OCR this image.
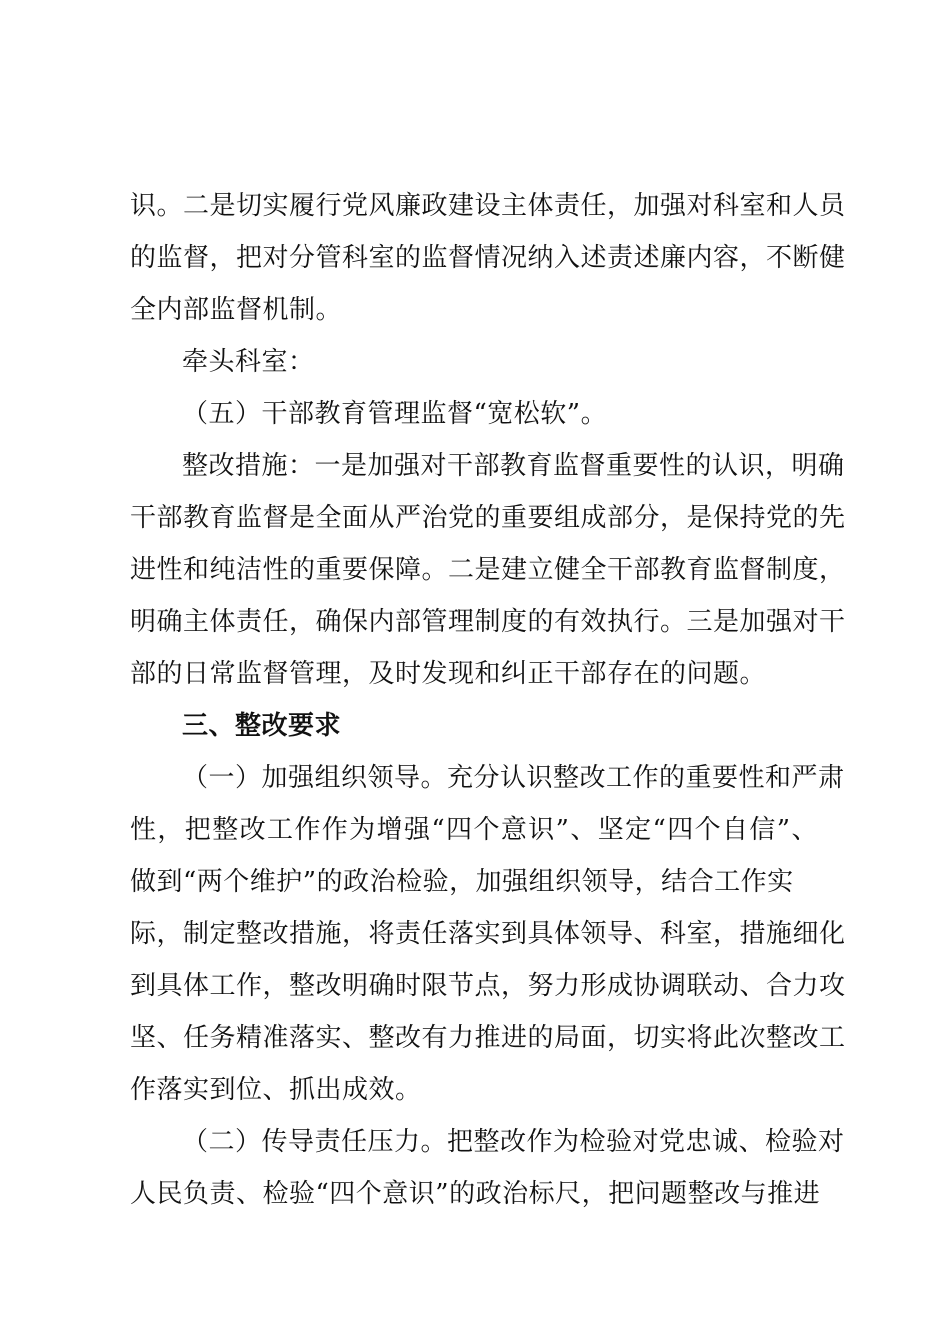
识。二是切实履行党风廉政建设主体责任，加强对科室和人员
的监督，把对分管科室的监督情况纳入述责述廉内容，不断健
全内部监督机制。
牵头科室：
（五）干部教育管理监督“宽松软”。
整改措施：一是加强对干部教育监督重要性的认识，明确
干部教育监督是全面从严治党的重要组成部分，是保持党的先
进性和纯洁性的重要保障。二是建立健全干部教育监督制度，
明确主体责任，确保内部管理制度的有效执行。三是加强对干
部的日常监督管理，及时发现和纠正干部存在的问题。
三、整改要求
（一）加强组织领导。充分认识整改工作的重要性和严肃
性，把整改工作作为增强“四个意识”、坚定“四个自信”、
做到“两个维护”的政治检验，加强组织领导，结合工作实
际，制定整改措施，将责任落实到具体领导、科室，措施细化
到具体工作，整改明确时限节点，努力形成协调联动、合力攻
坚、任务精准落实、整改有力推进的局面，切实将此次整改工
作落实到位、抓出成效。
（二）传导责任压力。把整改作为检验对党忠诚、检验对
人民负责、检验“四个意识”的政治标尺，把问题整改与推进
